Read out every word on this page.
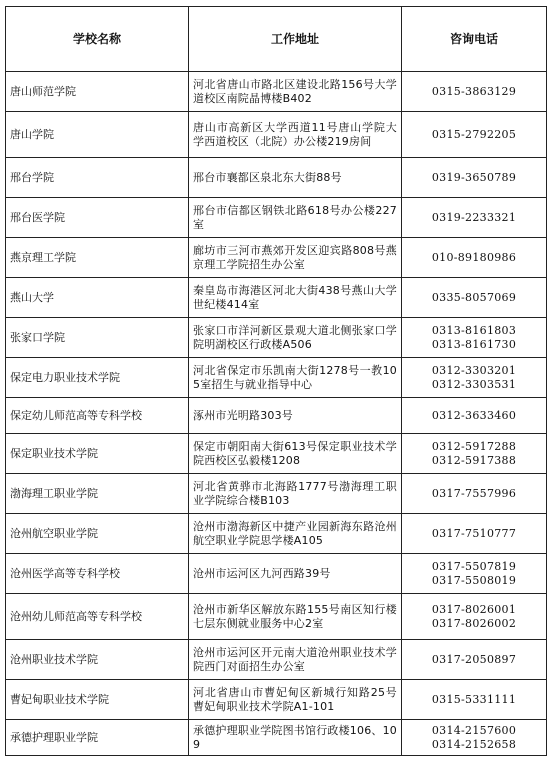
学校名称	工作地址	咨询电话
唐山师范学院	河北省唐山市路北区建设北路156号大学道校区南院晶博楼B402	0315-3863129

唐山学院	唐山市高新区大学西道11号唐山学院大学西道校区（北院）办公楼219房间	0315-2792205

邢台学院	邢台市襄都区泉北东大街88号	0319-3650789

邢台医学院	邢台市信都区钢铁北路618号办公楼227室	0319-2233321

燕京理工学院	廊坊市三河市燕郊开发区迎宾路808号燕京理工学院招生办公室	010-89180986

燕山大学	秦皇岛市海港区河北大街438号燕山大学世纪楼414室	0335-8057069

张家口学院	张家口市洋河新区景观大道北侧张家口学院明湖校区行政楼A506	0313-8161803
0313-8161730

保定电力职业技术学院	河北省保定市乐凯南大街1278号一教105室招生与就业指导中心	0312-3303201
0312-3303531

保定幼儿师范高等专科学校	涿州市光明路303号	0312-3633460

保定职业技术学院	保定市朝阳南大街613号保定职业技术学院西校区弘毅楼1208	0312-5917288
0312-5917388

渤海理工职业学院	河北省黄骅市北海路1777号渤海理工职业学院综合楼B103	0317-7557996

沧州航空职业学院	沧州市渤海新区中捷产业园新海东路沧州航空职业学院思学楼A105	0317-7510777

沧州医学高等专科学校	沧州市运河区九河西路39号	0317-5507819
0317-5508019

沧州幼儿师范高等专科学校	沧州市新华区解放东路155号南区知行楼七层东侧就业服务中心2室	0317-8026001
0317-8026002

沧州职业技术学院	沧州市运河区开元南大道沧州职业技术学院西门对面招生办公室	0317-2050897

曹妃甸职业技术学院	河北省唐山市曹妃甸区新城行知路25号曹妃甸职业技术学院A1-101	0315-5331111

承德护理职业学院	承德护理职业学院图书馆行政楼106、109	0314-2157600
0314-2152658
